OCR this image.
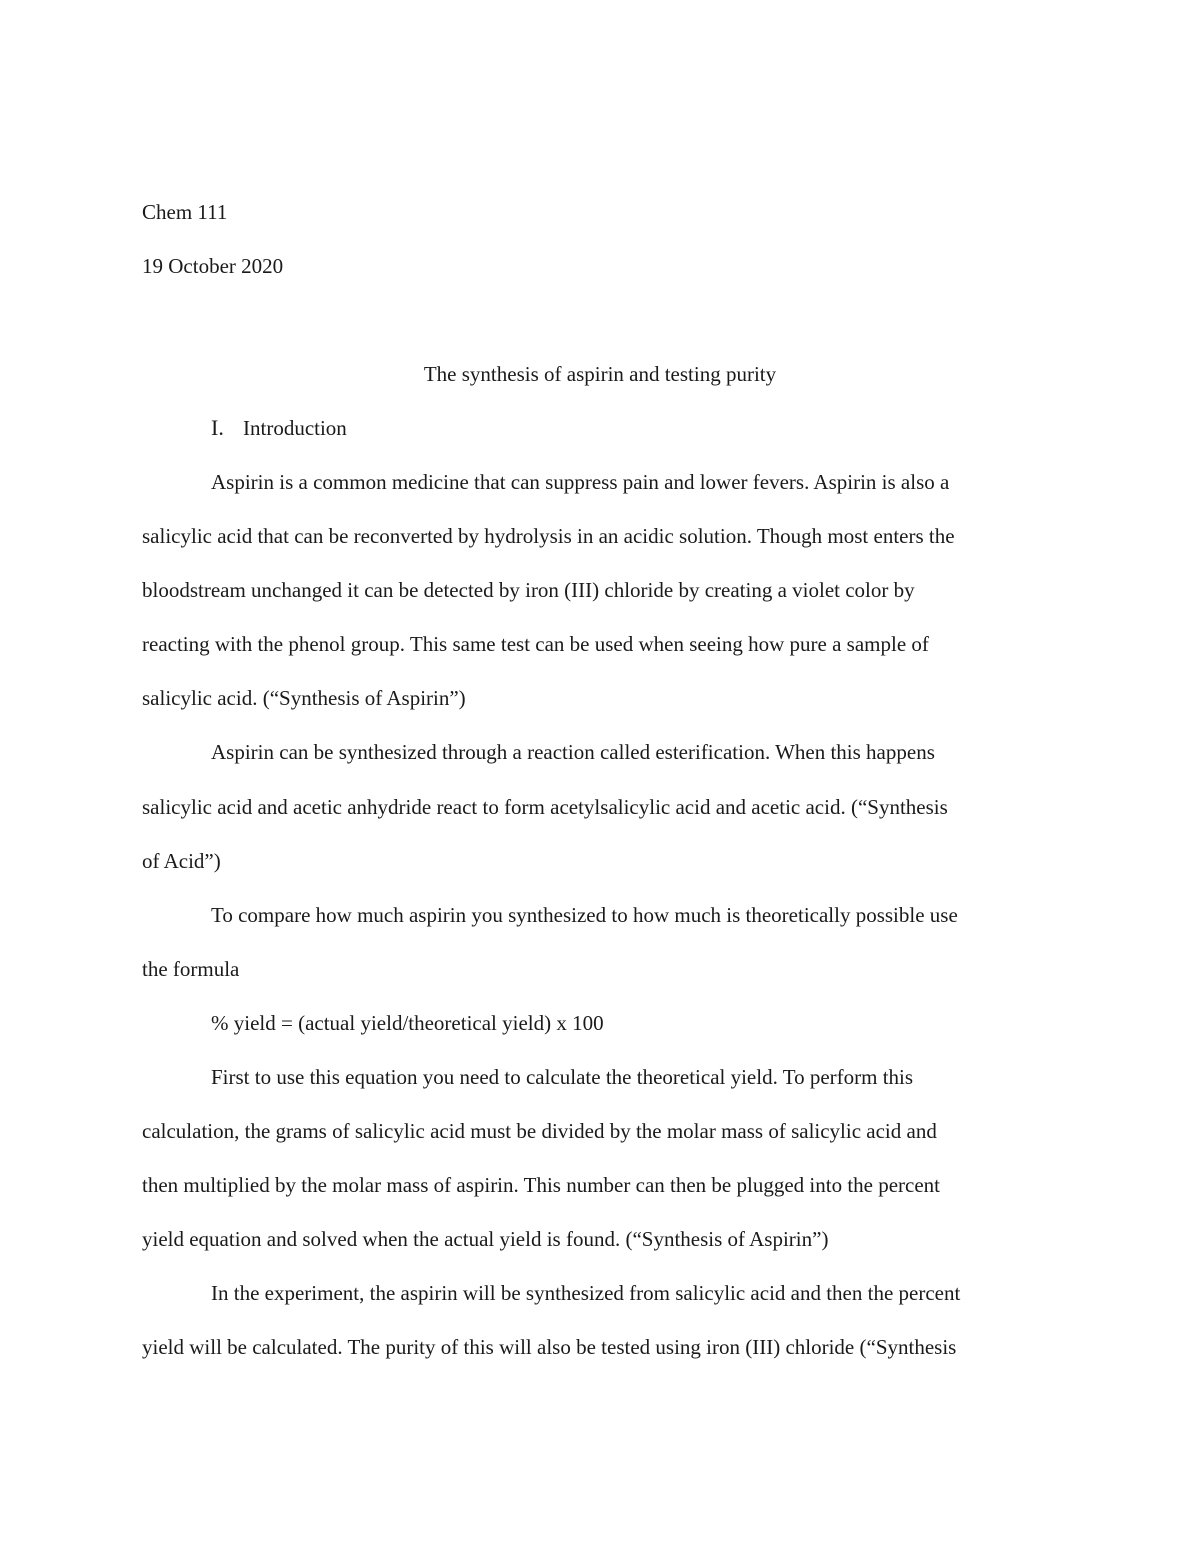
Chem 111
19 October 2020
The synthesis of aspirin and testing purity
I. Introduction
Aspirin is a common medicine that can suppress pain and lower fevers. Aspirin is also a
salicylic acid that can be reconverted by hydrolysis in an acidic solution. Though most enters the
bloodstream unchanged it can be detected by iron (III) chloride by creating a violet color by
reacting with the phenol group. This same test can be used when seeing how pure a sample of
salicylic acid. (“Synthesis of Aspirin”)
Aspirin can be synthesized through a reaction called esterification. When this happens
salicylic acid and acetic anhydride react to form acetylsalicylic acid and acetic acid. (“Synthesis
of Acid”)
To compare how much aspirin you synthesized to how much is theoretically possible use
the formula
% yield = (actual yield/theoretical yield) x 100
First to use this equation you need to calculate the theoretical yield. To perform this
calculation, the grams of salicylic acid must be divided by the molar mass of salicylic acid and
then multiplied by the molar mass of aspirin. This number can then be plugged into the percent
yield equation and solved when the actual yield is found. (“Synthesis of Aspirin”)
In the experiment, the aspirin will be synthesized from salicylic acid and then the percent
yield will be calculated. The purity of this will also be tested using iron (III) chloride (“Synthesis
